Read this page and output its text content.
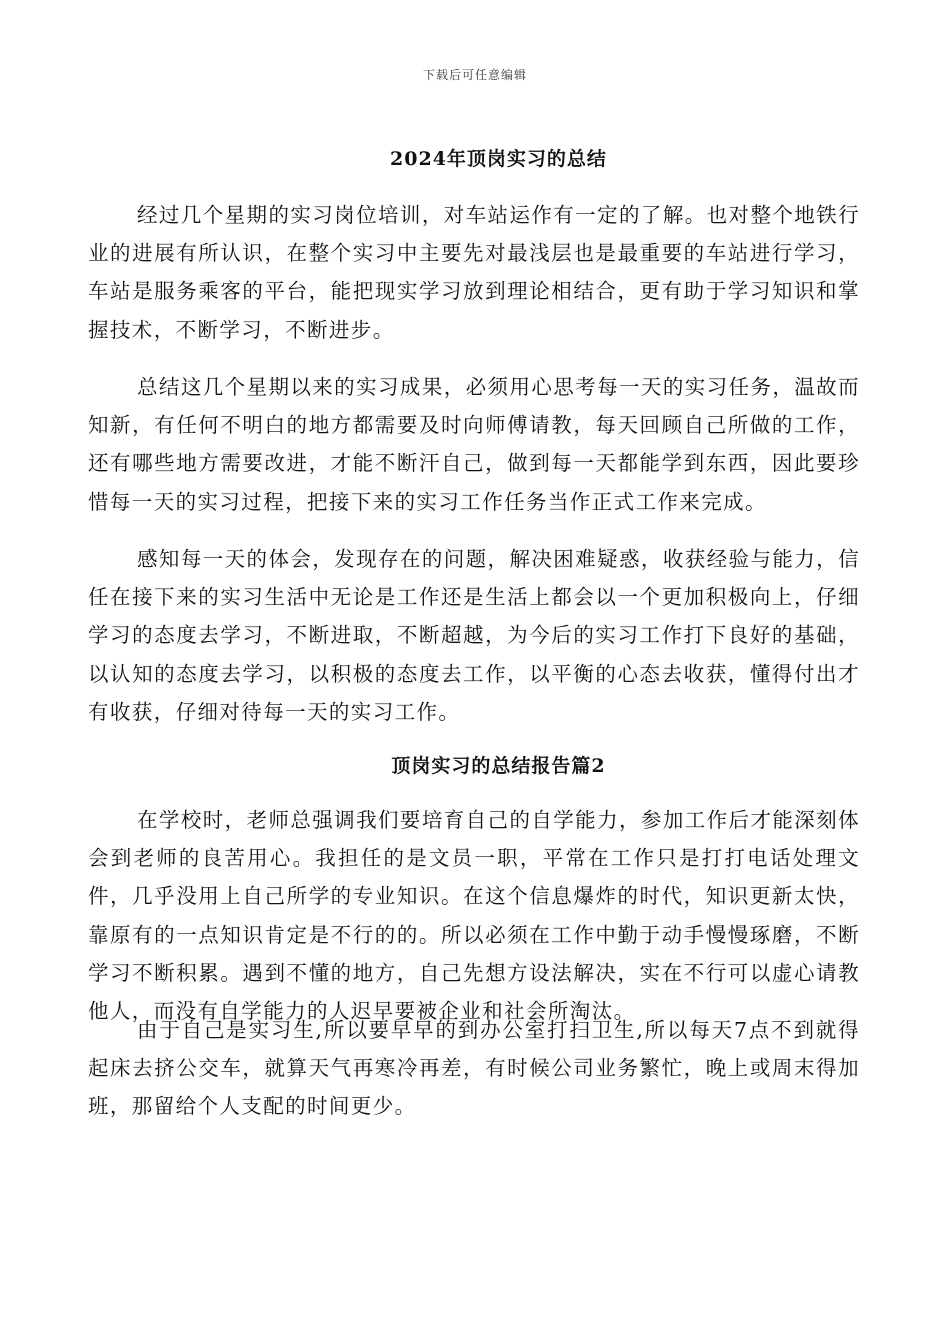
下载后可任意编辑
2024年顶岗实习的总结

经过几个星期的实习岗位培训，对车站运作有一定的了解。也对整个地铁行业的进展有所认识，在整个实习中主要先对最浅层也是最重要的车站进行学习，车站是服务乘客的平台，能把现实学习放到理论相结合，更有助于学习知识和掌握技术，不断学习，不断进步。

总结这几个星期以来的实习成果，必须用心思考每一天的实习任务，温故而知新，有任何不明白的地方都需要及时向师傅请教，每天回顾自己所做的工作，还有哪些地方需要改进，才能不断汗自己，做到每一天都能学到东西，因此要珍惜每一天的实习过程，把接下来的实习工作任务当作正式工作来完成。

感知每一天的体会，发现存在的问题，解决困难疑惑，收获经验与能力，信任在接下来的实习生活中无论是工作还是生活上都会以一个更加积极向上，仔细学习的态度去学习，不断进取，不断超越，为今后的实习工作打下良好的基础，以认知的态度去学习，以积极的态度去工作，以平衡的心态去收获，懂得付出才有收获，仔细对待每一天的实习工作。

顶岗实习的总结报告篇2

在学校时，老师总强调我们要培育自己的自学能力，参加工作后才能深刻体会到老师的良苦用心。我担任的是文员一职，平常在工作只是打打电话处理文件，几乎没用上自己所学的专业知识。在这个信息爆炸的时代，知识更新太快，靠原有的一点知识肯定是不行的的。所以必须在工作中勤于动手慢慢琢磨，不断学习不断积累。遇到不懂的地方，自己先想方设法解决，实在不行可以虚心请教他人，而没有自学能力的人迟早要被企业和社会所淘汰。

由于自己是实习生,所以要早早的到办公室打扫卫生,所以每天7点不到就得起床去挤公交车，就算天气再寒冷再差，有时候公司业务繁忙，晚上或周末得加班，那留给个人支配的时间更少。
